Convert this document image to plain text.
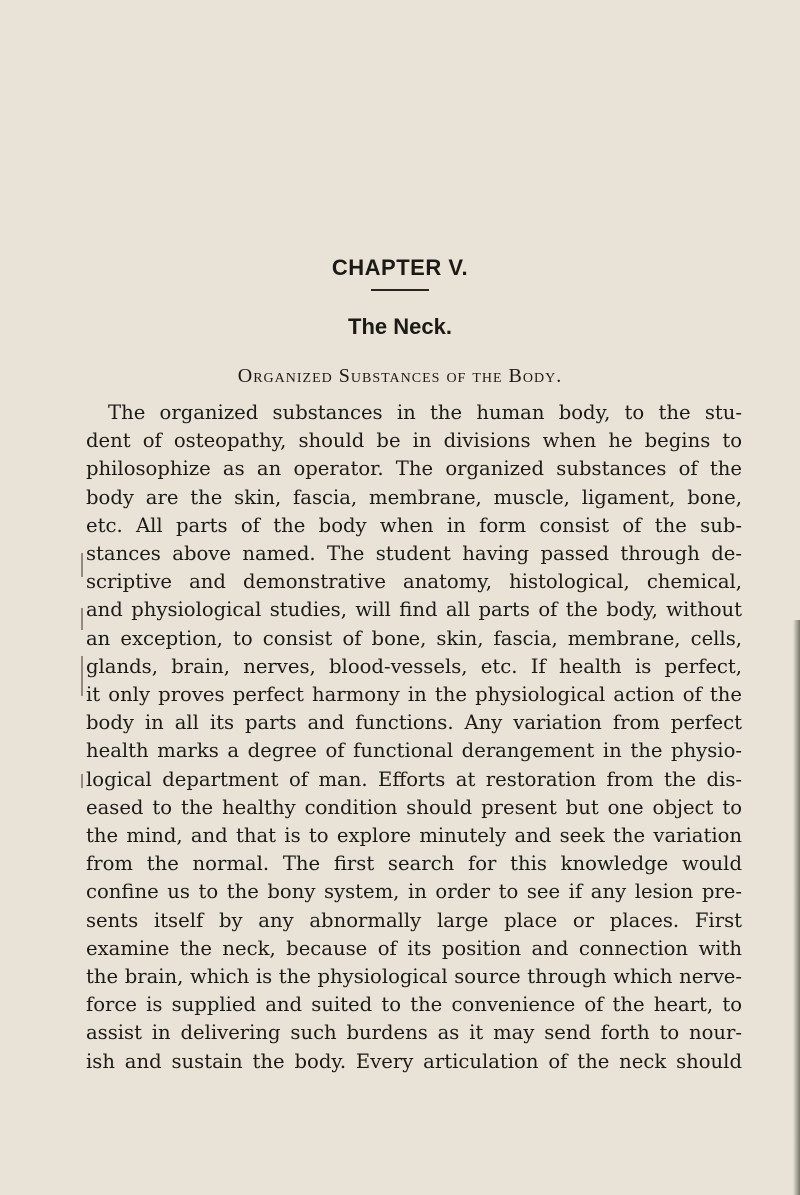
CHAPTER V.
The Neck.
Organized Substances of the Body.
The organized substances in the human body, to the stu-
dent of osteopathy, should be in divisions when he begins to
philosophize as an operator. The organized substances of the
body are the skin, fascia, membrane, muscle, ligament, bone,
etc. All parts of the body when in form consist of the sub-
stances above named. The student having passed through de-
scriptive and demonstrative anatomy, histological, chemical,
and physiological studies, will find all parts of the body, without
an exception, to consist of bone, skin, fascia, membrane, cells,
glands, brain, nerves, blood-vessels, etc. If health is perfect,
it only proves perfect harmony in the physiological action of the
body in all its parts and functions. Any variation from perfect
health marks a degree of functional derangement in the physio-
logical department of man. Efforts at restoration from the dis-
eased to the healthy condition should present but one object to
the mind, and that is to explore minutely and seek the variation
from the normal. The first search for this knowledge would
confine us to the bony system, in order to see if any lesion pre-
sents itself by any abnormally large place or places. First
examine the neck, because of its position and connection with
the brain, which is the physiological source through which nerve-
force is supplied and suited to the convenience of the heart, to
assist in delivering such burdens as it may send forth to nour-
ish and sustain the body. Every articulation of the neck should
